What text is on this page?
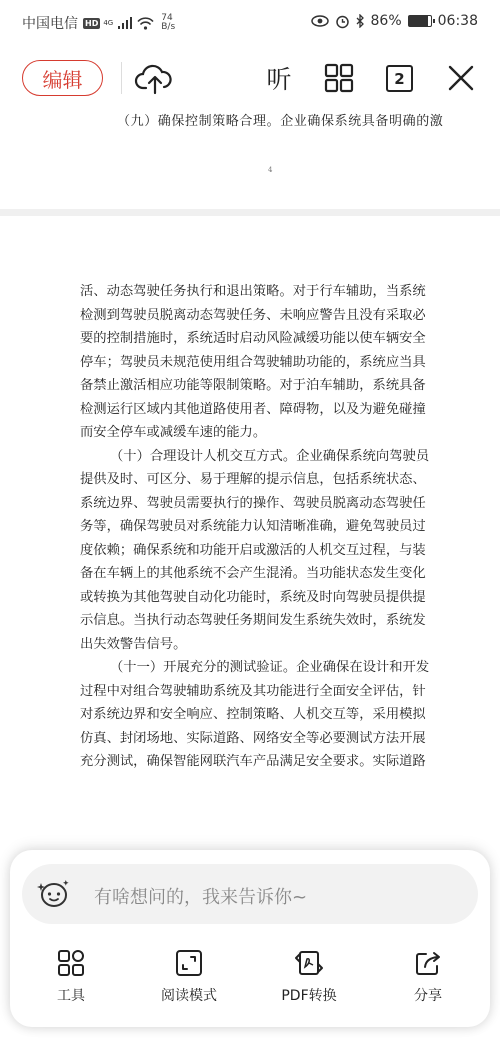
中国电信 HD 4G	74
B/s	86%	06:38
编辑	听	2
（九）确保控制策略合理。企业确保系统具备明确的激
4
活、动态驾驶任务执行和退出策略。对于行车辅助，当系统
检测到驾驶员脱离动态驾驶任务、未响应警告且没有采取必
要的控制措施时，系统适时启动风险减缓功能以使车辆安全
停车；驾驶员未规范使用组合驾驶辅助功能的，系统应当具
备禁止激活相应功能等限制策略。对于泊车辅助，系统具备
检测运行区域内其他道路使用者、障碍物，以及为避免碰撞
而安全停车或减缓车速的能力。
（十）合理设计人机交互方式。企业确保系统向驾驶员
提供及时、可区分、易于理解的提示信息，包括系统状态、
系统边界、驾驶员需要执行的操作、驾驶员脱离动态驾驶任
务等，确保驾驶员对系统能力认知清晰准确，避免驾驶员过
度依赖；确保系统和功能开启或激活的人机交互过程，与装
备在车辆上的其他系统不会产生混淆。当功能状态发生变化
或转换为其他驾驶自动化功能时，系统及时向驾驶员提供提
示信息。当执行动态驾驶任务期间发生系统失效时，系统发
出失效警告信号。
（十一）开展充分的测试验证。企业确保在设计和开发
过程中对组合驾驶辅助系统及其功能进行全面安全评估，针
对系统边界和安全响应、控制策略、人机交互等，采用模拟
仿真、封闭场地、实际道路、网络安全等必要测试方法开展
充分测试，确保智能网联汽车产品满足安全要求。实际道路
有啥想问的，我来告诉你~
工具	阅读模式	PDF转换	分享
